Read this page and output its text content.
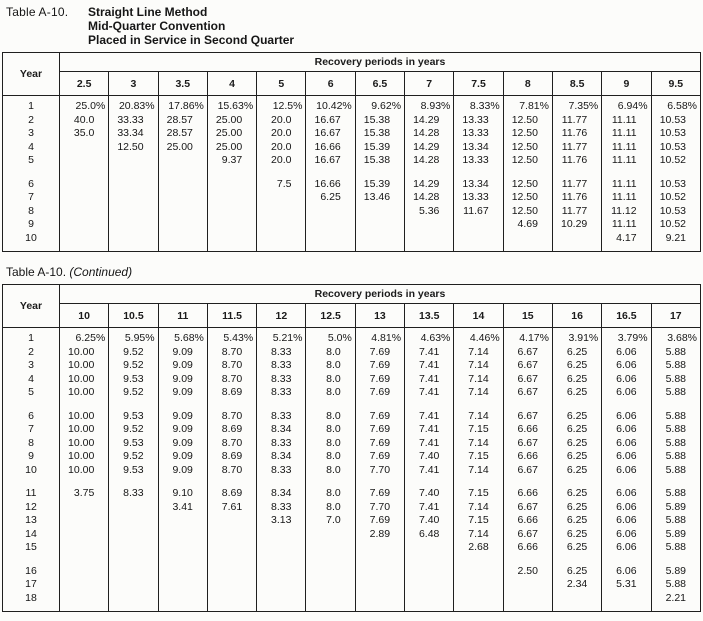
Table A-10.	Straight Line Method
Mid-Quarter Convention
Placed in Service in Second Quarter
Year	Recovery periods in years												
	2.5	3	3.5	4	5	6	6.5	7	7.5	8	8.5	9	9.5

1	25.0%	20.83%	17.86%	15.63%	12.5%	10.42%	9.62%	8.93%	8.33%	7.81%	7.35%	6.94%	6.58%
2	40.0	33.33	28.57	25.00	20.0	16.67	15.38	14.29	13.33	12.50	11.77	11.11	10.53
3	35.0	33.34	28.57	25.00	20.0	16.67	15.38	14.28	13.33	12.50	11.76	11.11	10.53
4		12.50	25.00	25.00	20.0	16.66	15.39	14.29	13.34	12.50	11.77	11.11	10.53
5				9.37	20.0	16.67	15.38	14.28	13.33	12.50	11.76	11.11	10.52

6					7.5	16.66	15.39	14.29	13.34	12.50	11.77	11.11	10.53
7						6.25	13.46	14.28	13.33	12.50	11.76	11.11	10.52
8								5.36	11.67	12.50	11.77	11.12	10.53
9										4.69	10.29	11.11	10.52
10												4.17	9.21

Table A-10. (Continued)
Year	Recovery periods in years												
	10	10.5	11	11.5	12	12.5	13	13.5	14	15	16	16.5	17

1	6.25%	5.95%	5.68%	5.43%	5.21%	5.0%	4.81%	4.63%	4.46%	4.17%	3.91%	3.79%	3.68%
2	10.00	9.52	9.09	8.70	8.33	8.0	7.69	7.41	7.14	6.67	6.25	6.06	5.88
3	10.00	9.52	9.09	8.70	8.33	8.0	7.69	7.41	7.14	6.67	6.25	6.06	5.88
4	10.00	9.53	9.09	8.70	8.33	8.0	7.69	7.41	7.14	6.67	6.25	6.06	5.88
5	10.00	9.52	9.09	8.69	8.33	8.0	7.69	7.41	7.14	6.67	6.25	6.06	5.88

6	10.00	9.53	9.09	8.70	8.33	8.0	7.69	7.41	7.14	6.67	6.25	6.06	5.88
7	10.00	9.52	9.09	8.69	8.34	8.0	7.69	7.41	7.15	6.66	6.25	6.06	5.88
8	10.00	9.53	9.09	8.70	8.33	8.0	7.69	7.41	7.14	6.67	6.25	6.06	5.88
9	10.00	9.52	9.09	8.69	8.34	8.0	7.69	7.40	7.15	6.66	6.25	6.06	5.88
10	10.00	9.53	9.09	8.70	8.33	8.0	7.70	7.41	7.14	6.67	6.25	6.06	5.88

11	3.75	8.33	9.10	8.69	8.34	8.0	7.69	7.40	7.15	6.66	6.25	6.06	5.88
12			3.41	7.61	8.33	8.0	7.70	7.41	7.14	6.67	6.25	6.06	5.89
13					3.13	7.0	7.69	7.40	7.15	6.66	6.25	6.06	5.88
14							2.89	6.48	7.14	6.67	6.25	6.06	5.89
15									2.68	6.66	6.25	6.06	5.88

16										2.50	6.25	6.06	5.89
17											2.34	5.31	5.88
18													2.21
